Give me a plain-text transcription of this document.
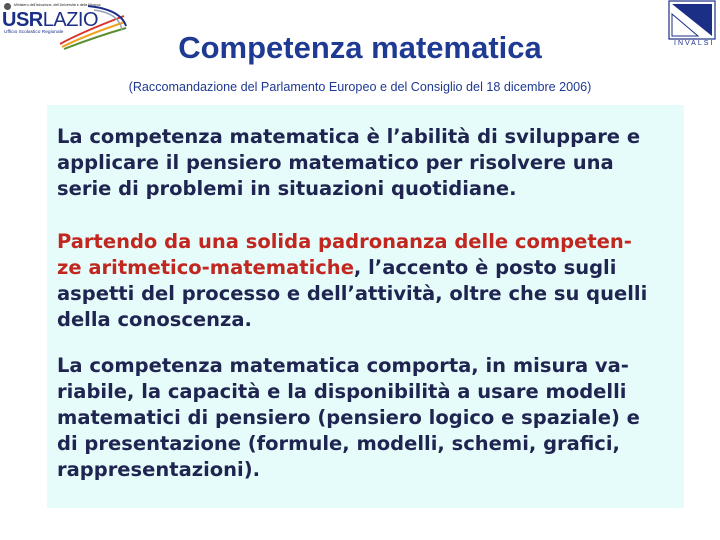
Ministero dell'Istruzione, dell'Università e della Ricerca
USRLAZIO
Ufficio Scolastico Regionale
INVALSI
Competenza matematica
(Raccomandazione del Parlamento Europeo e del Consiglio del 18 dicembre 2006)

La competenza matematica è l’abilità di sviluppare e
applicare il pensiero matematico per risolvere una
serie di problemi in situazioni quotidiane.

Partendo da una solida padronanza delle competen-
ze aritmetico-matematiche, l’accento è posto sugli
aspetti del processo e dell’attività, oltre che su quelli
della conoscenza.

La competenza matematica comporta, in misura va-
riabile, la capacità e la disponibilità a usare modelli
matematici di pensiero (pensiero logico e spaziale) e
di presentazione (formule, modelli, schemi, grafici,
rappresentazioni).
